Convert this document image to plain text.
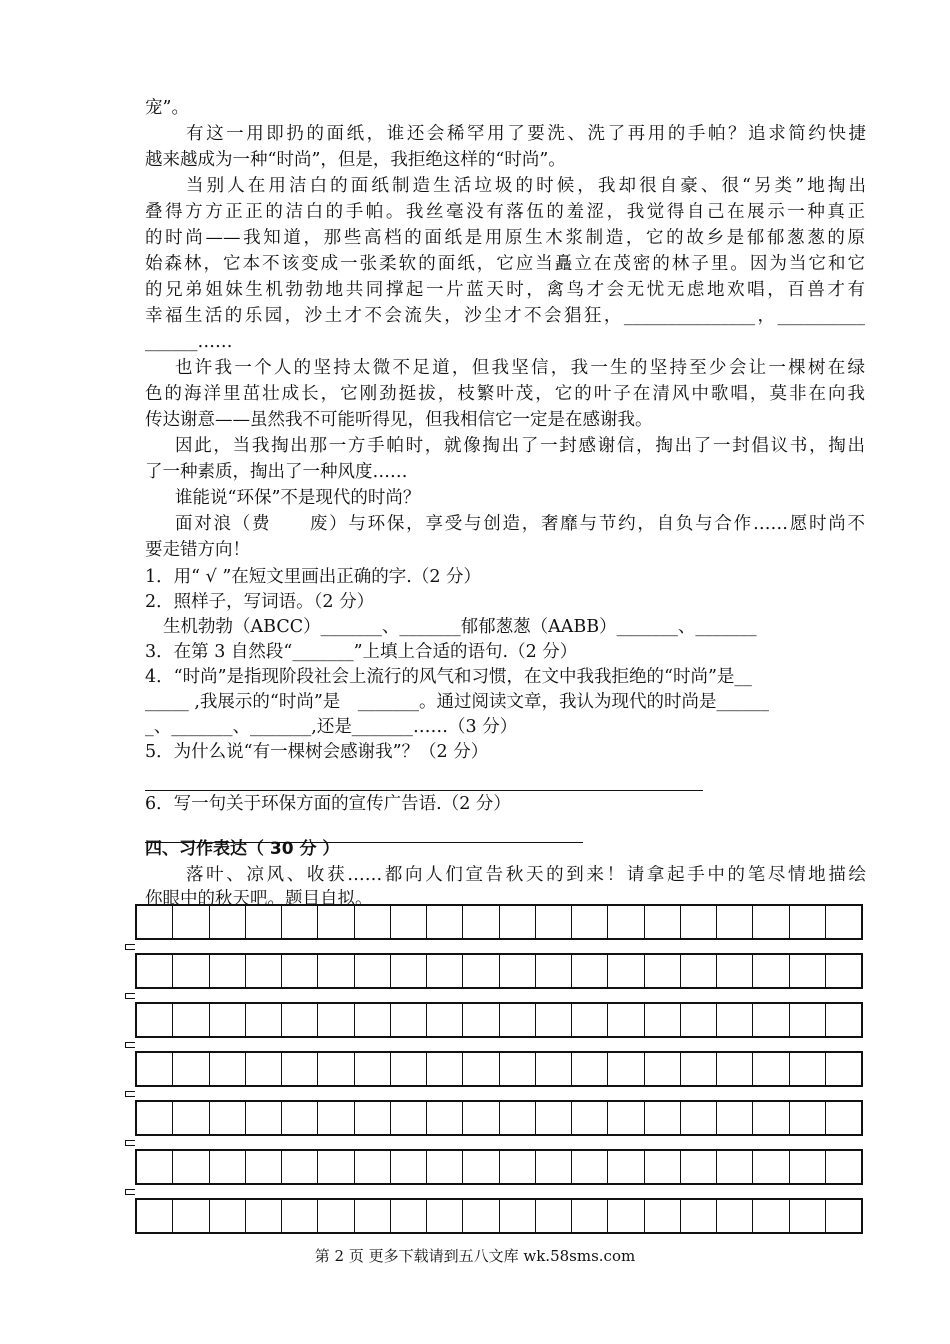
宠”。
有这一用即扔的面纸，谁还会稀罕用了要洗、洗了再用的手帕？追求简约快捷
越来越成为一种“时尚”，但是，我拒绝这样的“时尚”。
当别人在用洁白的面纸制造生活垃圾的时候，我却很自豪、很“另类”地掏出
叠得方方正正的洁白的手帕。我丝毫没有落伍的羞涩，我觉得自己在展示一种真正
的时尚——我知道，那些高档的面纸是用原生木浆制造，它的故乡是郁郁葱葱的原
始森林，它本不该变成一张柔软的面纸，它应当矗立在茂密的林子里。因为当它和它
的兄弟姐妹生机勃勃地共同撑起一片蓝天时，禽鸟才会无忧无虑地欢唱，百兽才有
幸福生活的乐园，沙土才不会流失，沙尘才不会猖狂，_______________，__________
______……
也许我一个人的坚持太微不足道，但我坚信，我一生的坚持至少会让一棵树在绿
色的海洋里茁壮成长，它刚劲挺拔，枝繁叶茂，它的叶子在清风中歌唱，莫非在向我
传达谢意——虽然我不可能听得见，但我相信它一定是在感谢我。
因此，当我掏出那一方手帕时，就像掏出了一封感谢信，掏出了一封倡议书，掏出
了一种素质，掏出了一种风度……
谁能说“环保”不是现代的时尚？
面对浪（费　　废）与环保，享受与创造，奢靡与节约，自负与合作……愿时尚不
要走错方向！
1．用“ √ ”在短文里画出正确的字.（2 分）
2．照样子，写词语。（2 分）
生机勃勃（ABCC）_______、_______郁郁葱葱（AABB）_______、_______
3．在第 3 自然段“_______”上填上合适的语句.（2 分）
4．“时尚”是指现阶段社会上流行的风气和习惯，在文中我我拒绝的“时尚”是__
_____ ,我展示的“时尚”是　_______。通过阅读文章，我认为现代的时尚是______
_、_______、_______,还是_______……（3 分）
5．为什么说“有一棵树会感谢我”？（2 分）
6．写一句关于环保方面的宣传广告语.（2 分）
四、习作表达（ 30 分 ）
落叶、凉风、收获……都向人们宣告秋天的到来！请拿起手中的笔尽情地描绘
你眼中的秋天吧。题目自拟。
第 2 页 更多下载请到五八文库 wk.58sms.com
